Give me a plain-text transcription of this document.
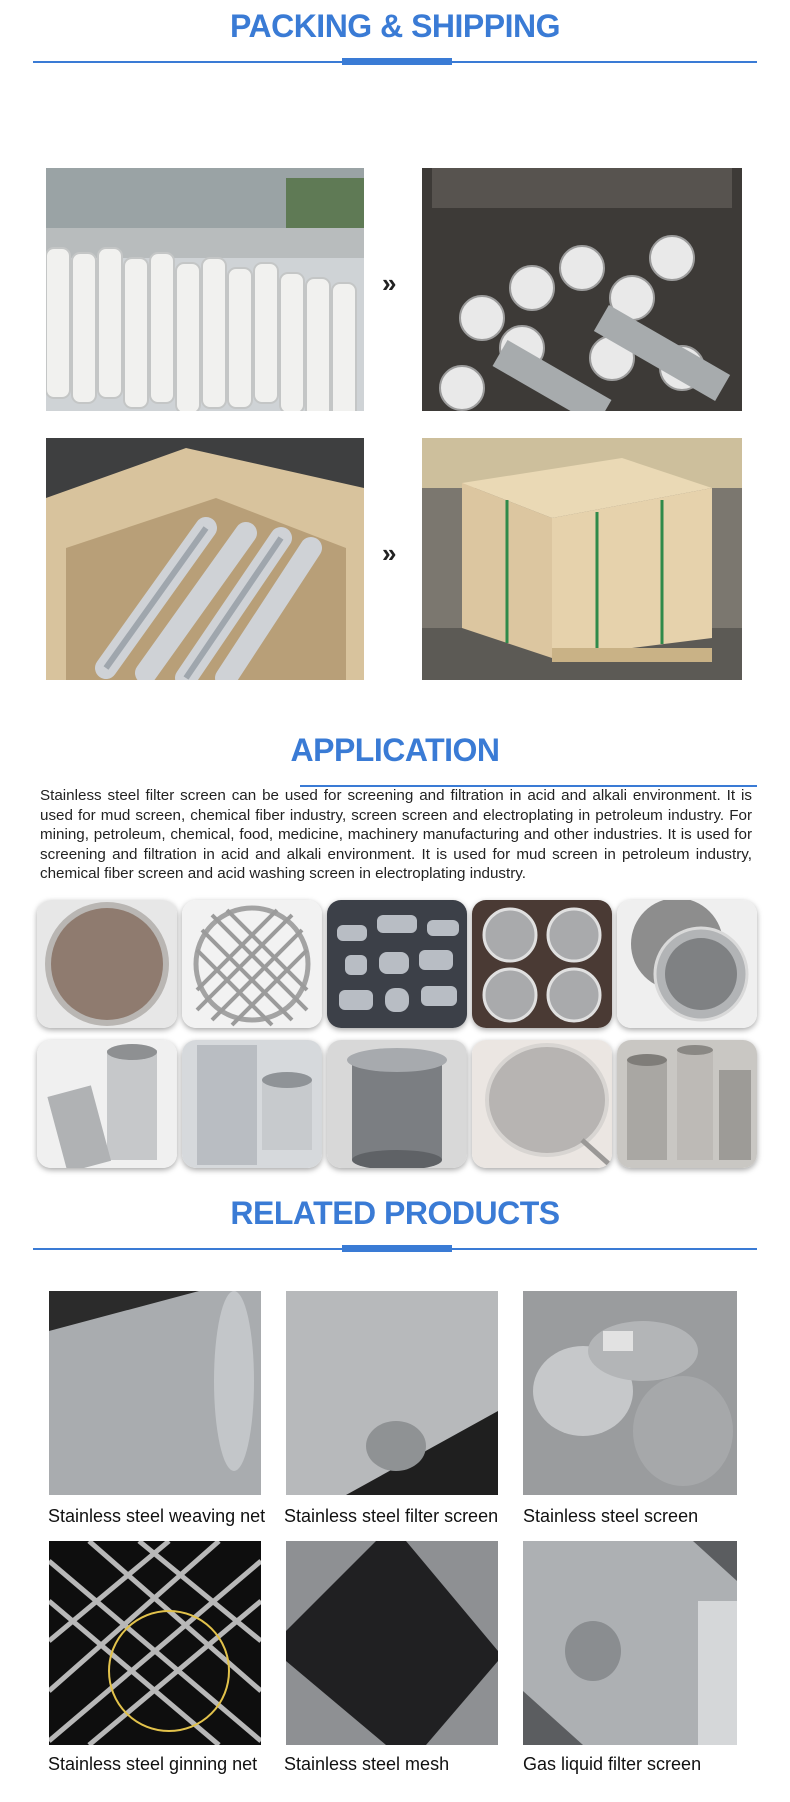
PACKING & SHIPPING
»
»
APPLICATION
Stainless steel filter screen can be used for screening and filtration in acid and alkali environment. It is used for mud screen, chemical fiber industry, screen screen and electroplating in petroleum industry. For mining, petroleum, chemical, food, medicine, machinery manufacturing and other industries. It is used for screening and filtration in acid and alkali environment. It is used for mud screen in petroleum industry, chemical fiber screen and acid washing screen in electroplating industry.
RELATED PRODUCTS
Stainless steel weaving net Stainless steel filter screen Stainless steel screen
Stainless steel ginning net Stainless steel mesh	Gas liquid filter screen
